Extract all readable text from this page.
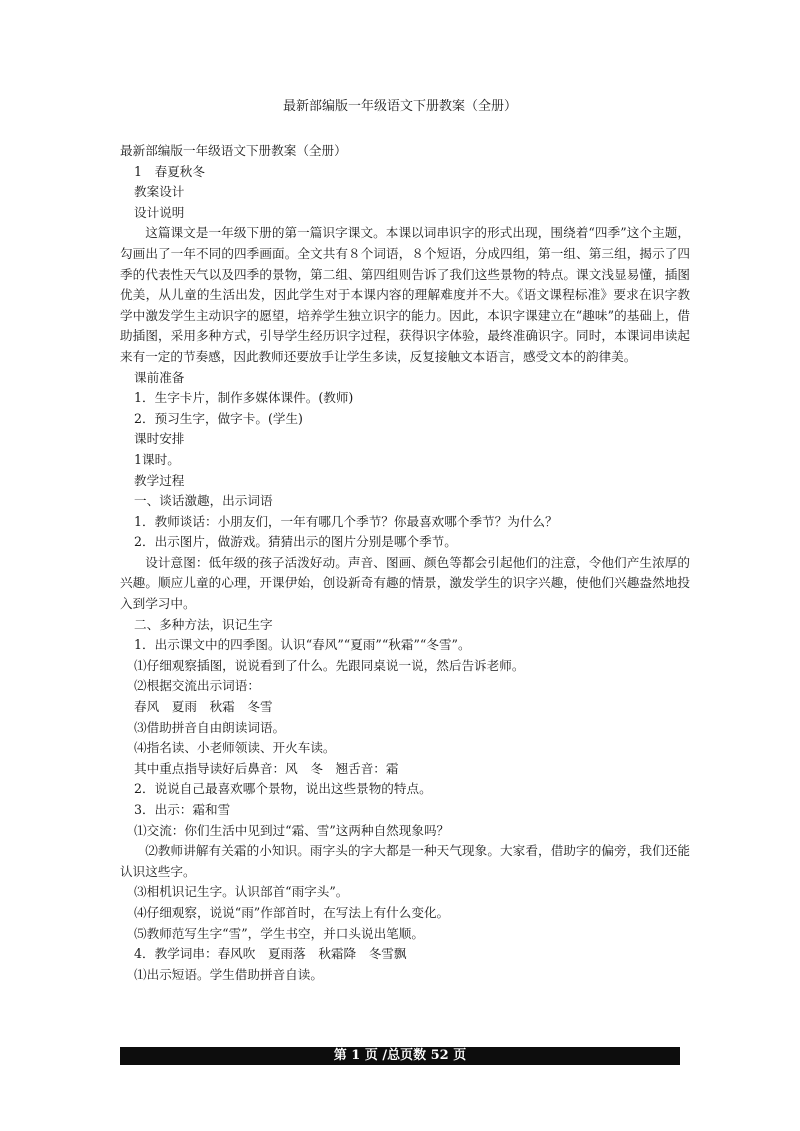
最新部编版一年级语文下册教案（全册）

最新部编版一年级语文下册教案（全册）

1　春夏秋冬

教案设计

设计说明

这篇课文是一年级下册的第一篇识字课文。本课以词串识字的形式出现，围绕着“四季”这个主题，勾画出了一年不同的四季画面。全文共有８个词语，８个短语，分成四组，第一组、第三组，揭示了四季的代表性天气以及四季的景物，第二组、第四组则告诉了我们这些景物的特点。课文浅显易懂，插图优美，从儿童的生活出发，因此学生对于本课内容的理解难度并不大。《语文课程标准》要求在识字教学中激发学生主动识字的愿望，培养学生独立识字的能力。因此，本识字课建立在“趣味”的基础上，借助插图，采用多种方式，引导学生经历识字过程，获得识字体验，最终准确识字。同时，本课词串读起来有一定的节奏感，因此教师还要放手让学生多读，反复接触文本语言，感受文本的韵律美。

课前准备

1．生字卡片，制作多媒体课件。(教师)

2．预习生字，做字卡。(学生)

课时安排

1课时。

教学过程

一、谈话激趣，出示词语

1．教师谈话：小朋友们，一年有哪几个季节？你最喜欢哪个季节？为什么？

2．出示图片，做游戏。猜猜出示的图片分别是哪个季节。

设计意图：低年级的孩子活泼好动。声音、图画、颜色等都会引起他们的注意，令他们产生浓厚的兴趣。顺应儿童的心理，开课伊始，创设新奇有趣的情景，激发学生的识字兴趣，使他们兴趣盎然地投入到学习中。

二、多种方法，识记生字

1．出示课文中的四季图。认识“春风”“夏雨”“秋霜”“冬雪”。

⑴仔细观察插图，说说看到了什么。先跟同桌说一说，然后告诉老师。

⑵根据交流出示词语：

春风　夏雨　秋霜　冬雪

⑶借助拼音自由朗读词语。

⑷指名读、小老师领读、开火车读。

其中重点指导读好后鼻音：风　冬　翘舌音：霜

2．说说自己最喜欢哪个景物，说出这些景物的特点。

3．出示：霜和雪

⑴交流：你们生活中见到过“霜、雪”这两种自然现象吗？

⑵教师讲解有关霜的小知识。雨字头的字大都是一种天气现象。大家看，借助字的偏旁，我们还能认识这些字。

⑶相机识记生字。认识部首“雨字头”。

⑷仔细观察，说说“雨”作部首时，在写法上有什么变化。

⑸教师范写生字“雪”，学生书空，并口头说出笔顺。

4．教学词串：春风吹　夏雨落　秋霜降　冬雪飘

⑴出示短语。学生借助拼音自读。

第 1 页 /总页数 52 页
